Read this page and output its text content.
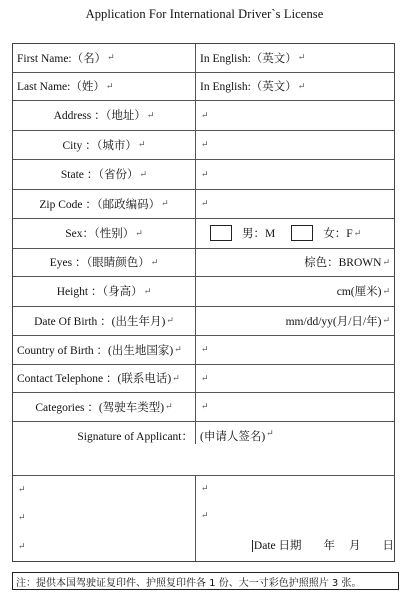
Application For International Driver`s License
First Name:（名） ↵	In English:（英文） ↵
Last Name:（姓） ↵	In English:（英文） ↵
Address ：（地址） ↵	↵
City ：（城市） ↵	↵
State ：（省份） ↵	↵
Zip Code ：（邮政编码） ↵	↵
Sex：（性别） ↵	男：M	女：F ↵
Eyes ：（眼睛颜色） ↵	棕色：BROWN ↵
Height ：（身高） ↵	cm(厘米) ↵
Date Of Birth ：(出生年月) ↵	mm/dd/yy(月/日/年) ↵
Country of Birth ：(出生地国家) ↵ ↵
Contact Telephone ：(联系电话) ↵ ↵
Categories ：(驾驶车类型) ↵	↵
Signature of Applicant： (申请人签名) ↵
↵
↵
↵
↵
↵
Date 日期 年 月 日
注：提供本国驾驶证复印件、护照复印件各 1 份、大一寸彩色护照照片 3 张。
